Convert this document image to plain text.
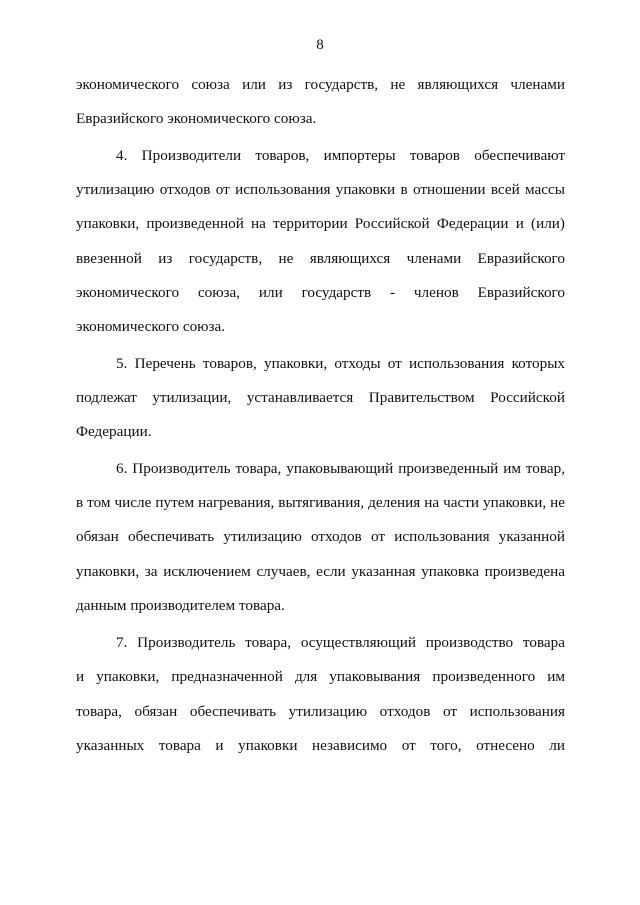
8
экономического союза или из государств, не являющихся членами
Евразийского экономического союза.
4. Производители товаров, импортеры товаров обеспечивают
утилизацию отходов от использования упаковки в отношении всей массы
упаковки, произведенной на территории Российской Федерации и (или)
ввезенной из государств, не являющихся членами Евразийского
экономического союза, или государств - членов Евразийского
экономического союза.
5. Перечень товаров, упаковки, отходы от использования которых
подлежат утилизации, устанавливается Правительством Российской
Федерации.
6. Производитель товара, упаковывающий произведенный им товар,
в том числе путем нагревания, вытягивания, деления на части упаковки, не
обязан обеспечивать утилизацию отходов от использования указанной
упаковки, за исключением случаев, если указанная упаковка произведена
данным производителем товара.
7. Производитель товара, осуществляющий производство товара
и упаковки, предназначенной для упаковывания произведенного им
товара, обязан обеспечивать утилизацию отходов от использования
указанных товара и упаковки независимо от того, отнесено ли
